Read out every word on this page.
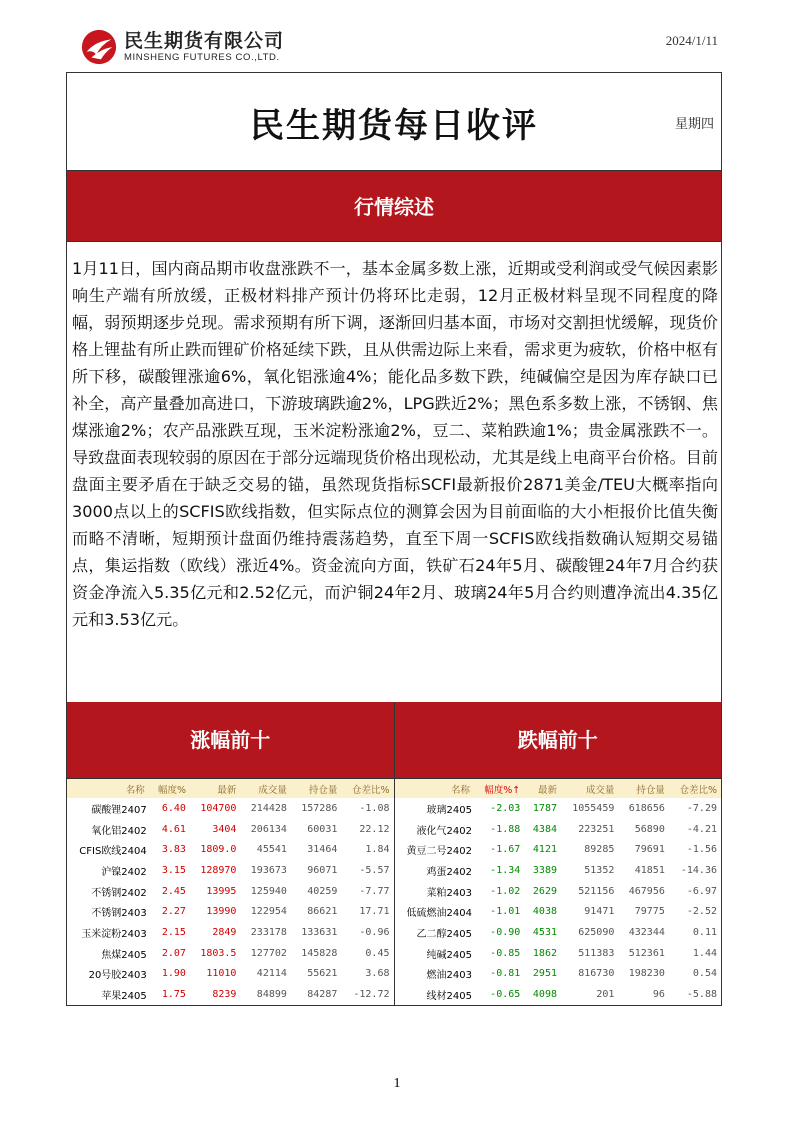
民生期货有限公司
MINSHENG FUTURES CO.,LTD.
2024/1/11
民生期货每日收评	星期四
行情综述
1月11日，国内商品期市收盘涨跌不一，基本金属多数上涨，近期或受利润或受气候因素影响生产端有所放缓，正极材料排产预计仍将环比走弱，12月正极材料呈现不同程度的降幅，弱预期逐步兑现。需求预期有所下调，逐渐回归基本面，市场对交割担忧缓解，现货价格上锂盐有所止跌而锂矿价格延续下跌，且从供需边际上来看，需求更为疲软，价格中枢有所下移，碳酸锂涨逾6%，氧化铝涨逾4%；能化品多数下跌，纯碱偏空是因为库存缺口已补全，高产量叠加高进口，下游玻璃跌逾2%，LPG跌近2%；黑色系多数上涨，不锈钢、焦煤涨逾2%；农产品涨跌互现，玉米淀粉涨逾2%，豆二、菜粕跌逾1%；贵金属涨跌不一。导致盘面表现较弱的原因在于部分远端现货价格出现松动，尤其是线上电商平台价格。目前盘面主要矛盾在于缺乏交易的锚，虽然现货指标SCFI最新报价2871美金/TEU大概率指向3000点以上的SCFIS欧线指数，但实际点位的测算会因为目前面临的大小柜报价比值失衡而略不清晰，短期预计盘面仍维持震荡趋势，直至下周一SCFIS欧线指数确认短期交易锚点，集运指数（欧线）涨近4%。资金流向方面，铁矿石24年5月、碳酸锂24年7月合约获资金净流入5.35亿元和2.52亿元，而沪铜24年2月、玻璃24年5月合约则遭净流出4.35亿元和3.53亿元。
涨幅前十	跌幅前十
名称	幅度%	最新	成交量	持仓量	仓差比%
碳酸锂2407	6.40	104700	214428	157286	-1.08
氧化铝2402	4.61	3404	206134	60031	22.12
CFIS欧线2404	3.83	1809.0	45541	31464	1.84
沪镍2402	3.15	128970	193673	96071	-5.57
不锈钢2402	2.45	13995	125940	40259	-7.77
不锈钢2403	2.27	13990	122954	86621	17.71
玉米淀粉2403	2.15	2849	233178	133631	-0.96
焦煤2405	2.07	1803.5	127702	145828	0.45
20号胶2403	1.90	11010	42114	55621	3.68
苹果2405	1.75	8239	84899	84287	-12.72
名称	幅度%↑	最新	成交量	持仓量	仓差比%
玻璃2405	-2.03	1787	1055459	618656	-7.29
液化气2402	-1.88	4384	223251	56890	-4.21
黄豆二号2402	-1.67	4121	89285	79691	-1.56
鸡蛋2402	-1.34	3389	51352	41851	-14.36
菜粕2403	-1.02	2629	521156	467956	-6.97
低硫燃油2404	-1.01	4038	91471	79775	-2.52
乙二醇2405	-0.90	4531	625090	432344	0.11
纯碱2405	-0.85	1862	511383	512361	1.44
燃油2403	-0.81	2951	816730	198230	0.54
线材2405	-0.65	4098	201	96	-5.88
1
